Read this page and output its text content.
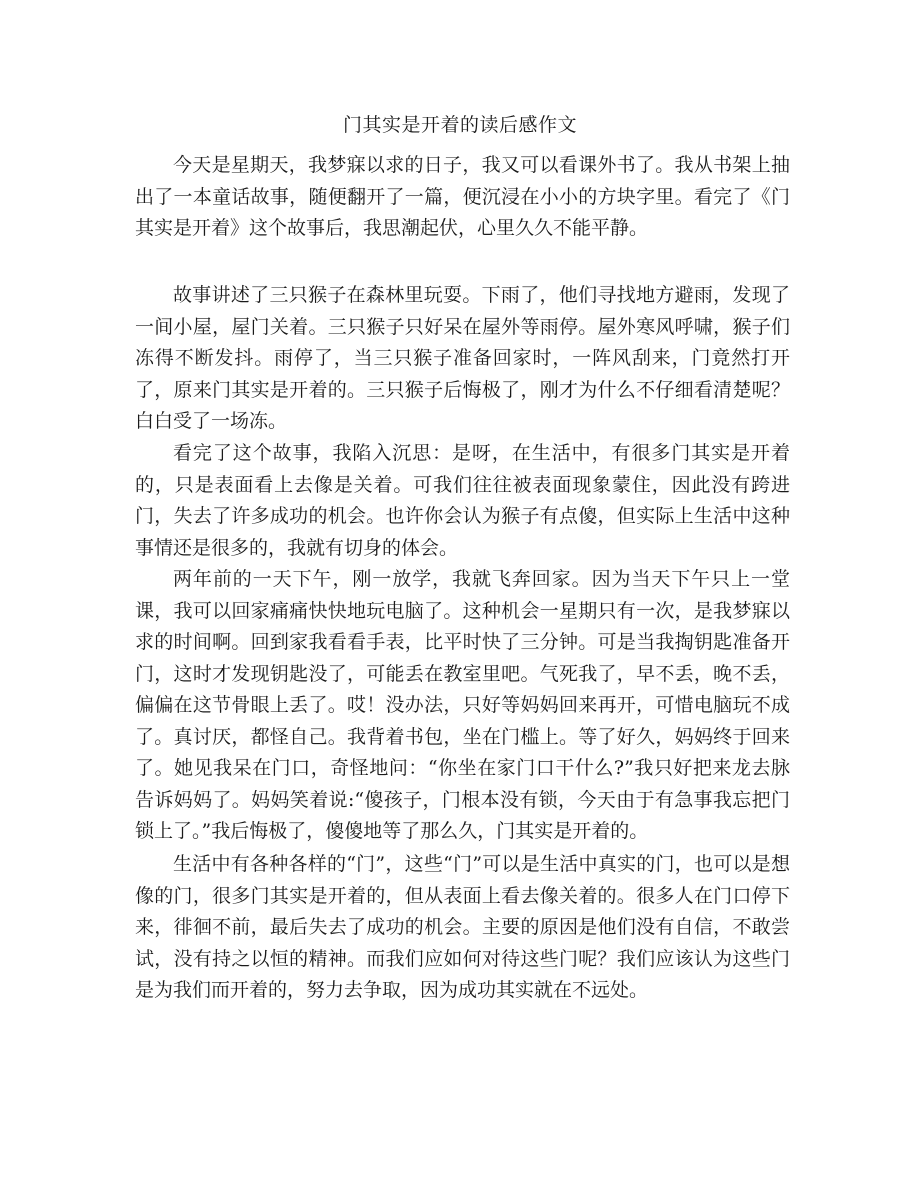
门其实是开着的读后感作文

今天是星期天，我梦寐以求的日子，我又可以看课外书了。我从书架上抽出了一本童话故事，随便翻开了一篇，便沉浸在小小的方块字里。看完了《门其实是开着》这个故事后，我思潮起伏，心里久久不能平静。

故事讲述了三只猴子在森林里玩耍。下雨了，他们寻找地方避雨，发现了一间小屋，屋门关着。三只猴子只好呆在屋外等雨停。屋外寒风呼啸，猴子们冻得不断发抖。雨停了，当三只猴子准备回家时，一阵风刮来，门竟然打开了，原来门其实是开着的。三只猴子后悔极了，刚才为什么不仔细看清楚呢？白白受了一场冻。

看完了这个故事，我陷入沉思：是呀，在生活中，有很多门其实是开着的，只是表面看上去像是关着。可我们往往被表面现象蒙住，因此没有跨进门，失去了许多成功的机会。也许你会认为猴子有点傻，但实际上生活中这种事情还是很多的，我就有切身的体会。

两年前的一天下午，刚一放学，我就飞奔回家。因为当天下午只上一堂课，我可以回家痛痛快快地玩电脑了。这种机会一星期只有一次，是我梦寐以求的时间啊。回到家我看看手表，比平时快了三分钟。可是当我掏钥匙准备开门，这时才发现钥匙没了，可能丢在教室里吧。气死我了，早不丢，晚不丢，偏偏在这节骨眼上丢了。哎！没办法，只好等妈妈回来再开，可惜电脑玩不成了。真讨厌，都怪自己。我背着书包，坐在门槛上。等了好久，妈妈终于回来了。她见我呆在门口，奇怪地问：“你坐在家门口干什么?”我只好把来龙去脉告诉妈妈了。妈妈笑着说:“傻孩子，门根本没有锁，今天由于有急事我忘把门锁上了。”我后悔极了，傻傻地等了那么久，门其实是开着的。

生活中有各种各样的“门”，这些“门”可以是生活中真实的门，也可以是想像的门，很多门其实是开着的，但从表面上看去像关着的。很多人在门口停下来，徘徊不前，最后失去了成功的机会。主要的原因是他们没有自信，不敢尝试，没有持之以恒的精神。而我们应如何对待这些门呢？我们应该认为这些门是为我们而开着的，努力去争取，因为成功其实就在不远处。
